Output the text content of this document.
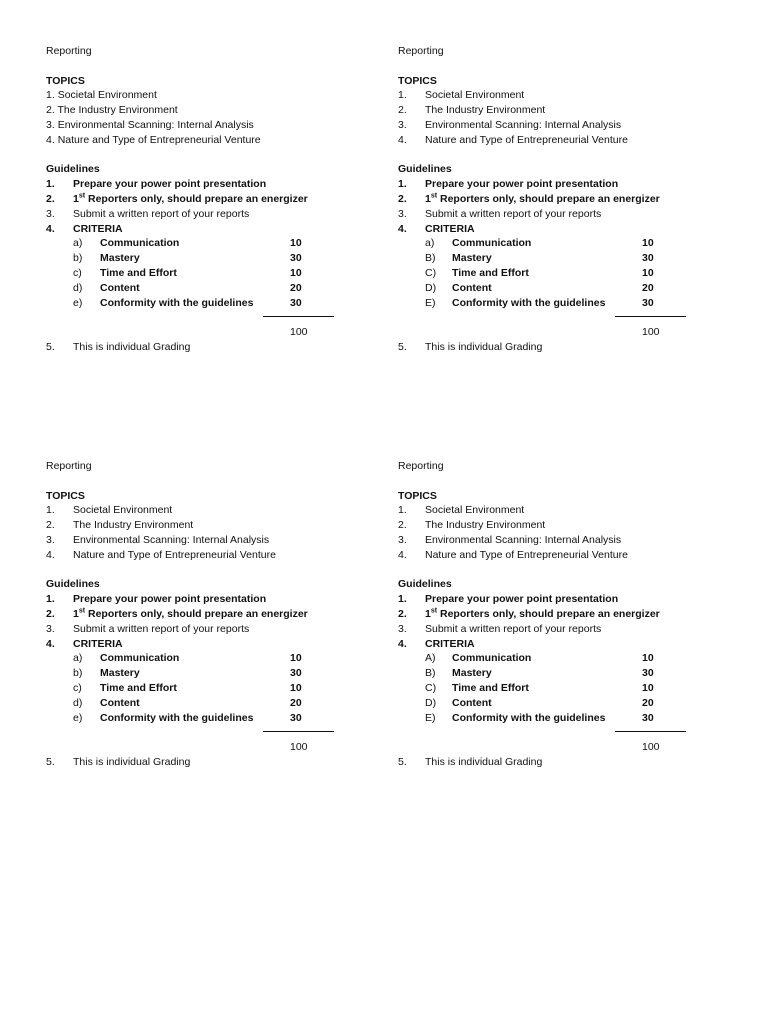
Reporting
TOPICS
1. Societal Environment
2. The Industry Environment
3. Environmental Scanning: Internal Analysis
4. Nature and Type of Entrepreneurial Venture
Guidelines
1. Prepare your power point presentation
2. 1st Reporters only, should prepare an energizer
3. Submit a written report of your reports
4. CRITERIA
a) Communication	10
b) Mastery	30
c) Time and Effort	10
d) Content	20
e) Conformity with the guidelines	30
100
5. This is individual Grading
Reporting
TOPICS
1. Societal Environment
2. The Industry Environment
3. Environmental Scanning: Internal Analysis
4. Nature and Type of Entrepreneurial Venture
Guidelines
1. Prepare your power point presentation
2. 1st Reporters only, should prepare an energizer
3. Submit a written report of your reports
4. CRITERIA
a) Communication	10
B) Mastery	30
C) Time and Effort	10
D) Content	20
E) Conformity with the guidelines	30
100
5. This is individual Grading
Reporting
TOPICS
1. Societal Environment
2. The Industry Environment
3. Environmental Scanning: Internal Analysis
4. Nature and Type of Entrepreneurial Venture
Guidelines
1. Prepare your power point presentation
2. 1st Reporters only, should prepare an energizer
3. Submit a written report of your reports
4. CRITERIA
a) Communication	10
b) Mastery	30
c) Time and Effort	10
d) Content	20
e) Conformity with the guidelines	30
100
5. This is individual Grading
Reporting
TOPICS
1. Societal Environment
2. The Industry Environment
3. Environmental Scanning: Internal Analysis
4. Nature and Type of Entrepreneurial Venture
Guidelines
1. Prepare your power point presentation
2. 1st Reporters only, should prepare an energizer
3. Submit a written report of your reports
4. CRITERIA
A) Communication	10
B) Mastery	30
C) Time and Effort	10
D) Content	20
E) Conformity with the guidelines	30
100
5. This is individual Grading
